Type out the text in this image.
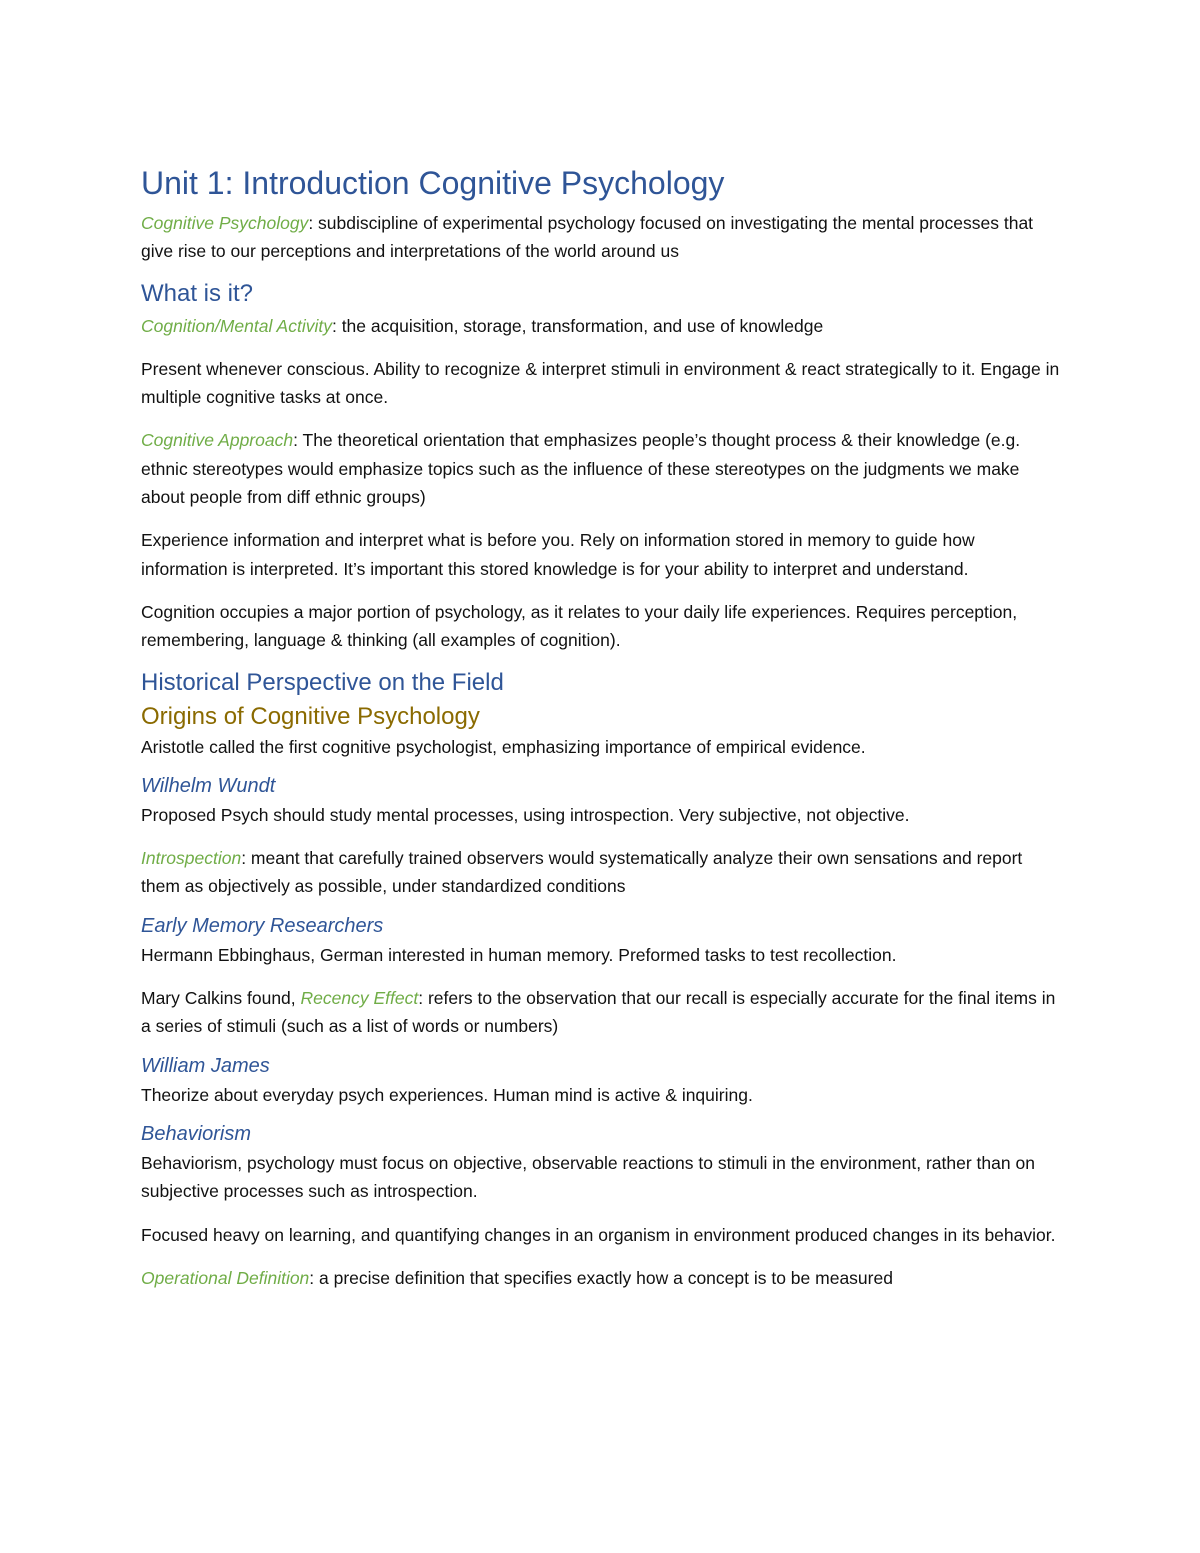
Unit 1: Introduction Cognitive Psychology

Cognitive Psychology: subdiscipline of experimental psychology focused on investigating the mental processes that give rise to our perceptions and interpretations of the world around us

What is it?

Cognition/Mental Activity: the acquisition, storage, transformation, and use of knowledge

Present whenever conscious. Ability to recognize & interpret stimuli in environment & react strategically to it. Engage in multiple cognitive tasks at once.

Cognitive Approach: The theoretical orientation that emphasizes people’s thought process & their knowledge (e.g. ethnic stereotypes would emphasize topics such as the influence of these stereotypes on the judgments we make about people from diff ethnic groups)

Experience information and interpret what is before you. Rely on information stored in memory to guide how information is interpreted. It’s important this stored knowledge is for your ability to interpret and understand.

Cognition occupies a major portion of psychology, as it relates to your daily life experiences. Requires perception, remembering, language & thinking (all examples of cognition).

Historical Perspective on the Field
Origins of Cognitive Psychology

Aristotle called the first cognitive psychologist, emphasizing importance of empirical evidence.

Wilhelm Wundt

Proposed Psych should study mental processes, using introspection. Very subjective, not objective.

Introspection: meant that carefully trained observers would systematically analyze their own sensations and report them as objectively as possible, under standardized conditions

Early Memory Researchers

Hermann Ebbinghaus, German interested in human memory. Preformed tasks to test recollection.

Mary Calkins found, Recency Effect: refers to the observation that our recall is especially accurate for the final items in a series of stimuli (such as a list of words or numbers)

William James

Theorize about everyday psych experiences. Human mind is active & inquiring.

Behaviorism

Behaviorism, psychology must focus on objective, observable reactions to stimuli in the environment, rather than on subjective processes such as introspection.

Focused heavy on learning, and quantifying changes in an organism in environment produced changes in its behavior.

Operational Definition: a precise definition that specifies exactly how a concept is to be measured
